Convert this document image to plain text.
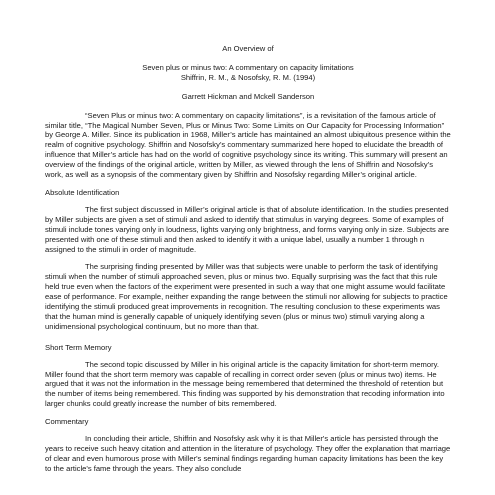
An Overview of
Seven plus or minus two: A commentary on capacity limitations
Shiffrin, R. M., & Nosofsky, R. M. (1994)
Garrett Hickman and Mckell Sanderson

“Seven Plus or minus two: A commentary on capacity limitations”, is a revisitation of the famous article of similar title, “The Magical Number Seven, Plus or Minus Two: Some Limits on Our Capacity for Processing Information” by George A. Miller. Since its publication in 1968, Miller’s article has maintained an almost ubiquitous presence within the realm of cognitive psychology. Shiffrin and Nosofsky’s commentary summarized here hoped to elucidate the breadth of influence that Miller’s article has had on the world of cognitive psychology since its writing. This summary will present an overview of the findings of the original article, written by Miller, as viewed through the lens of Shiffrin and Nosofsky’s work, as well as a synopsis of the commentary given by Shiffrin and Nosofsky regarding Miller’s original article.

Absolute Identification

The first subject discussed in Miller’s original article is that of absolute identification. In the studies presented by Miller subjects are given a set of stimuli and asked to identify that stimulus in varying degrees. Some of examples of stimuli include tones varying only in loudness, lights varying only brightness, and forms varying only in size. Subjects are presented with one of these stimuli and then asked to identify it with a unique label, usually a number 1 through n assigned to the stimuli in order of magnitude.

The surprising finding presented by Miller was that subjects were unable to perform the task of identifying stimuli when the number of stimuli approached seven, plus or minus two. Equally surprising was the fact that this rule held true even when the factors of the experiment were presented in such a way that one might assume would facilitate ease of performance. For example, neither expanding the range between the stimuli nor allowing for subjects to practice identifying the stimuli produced great improvements in recognition. The resulting conclusion to these experiments was that the human mind is generally capable of uniquely identifying seven (plus or minus two) stimuli varying along a unidimensional psychological continuum, but no more than that.

Short Term Memory

The second topic discussed by Miller in his original article is the capacity limitation for short-term memory. Miller found that the short term memory was capable of recalling in correct order seven (plus or minus two) items. He argued that it was not the information in the message being remembered that determined the threshold of retention but the number of items being remembered. This finding was supported by his demonstration that recoding information into larger chunks could greatly increase the number of bits remembered.

Commentary

In concluding their article, Shiffrin and Nosofsky ask why it is that Miller's article has persisted through the years to receive such heavy citation and attention in the literature of psychology. They offer the explanation that marriage of clear and even humorous prose with Miller's seminal findings regarding human capacity limitations has been the key to the article's fame through the years. They also conclude
